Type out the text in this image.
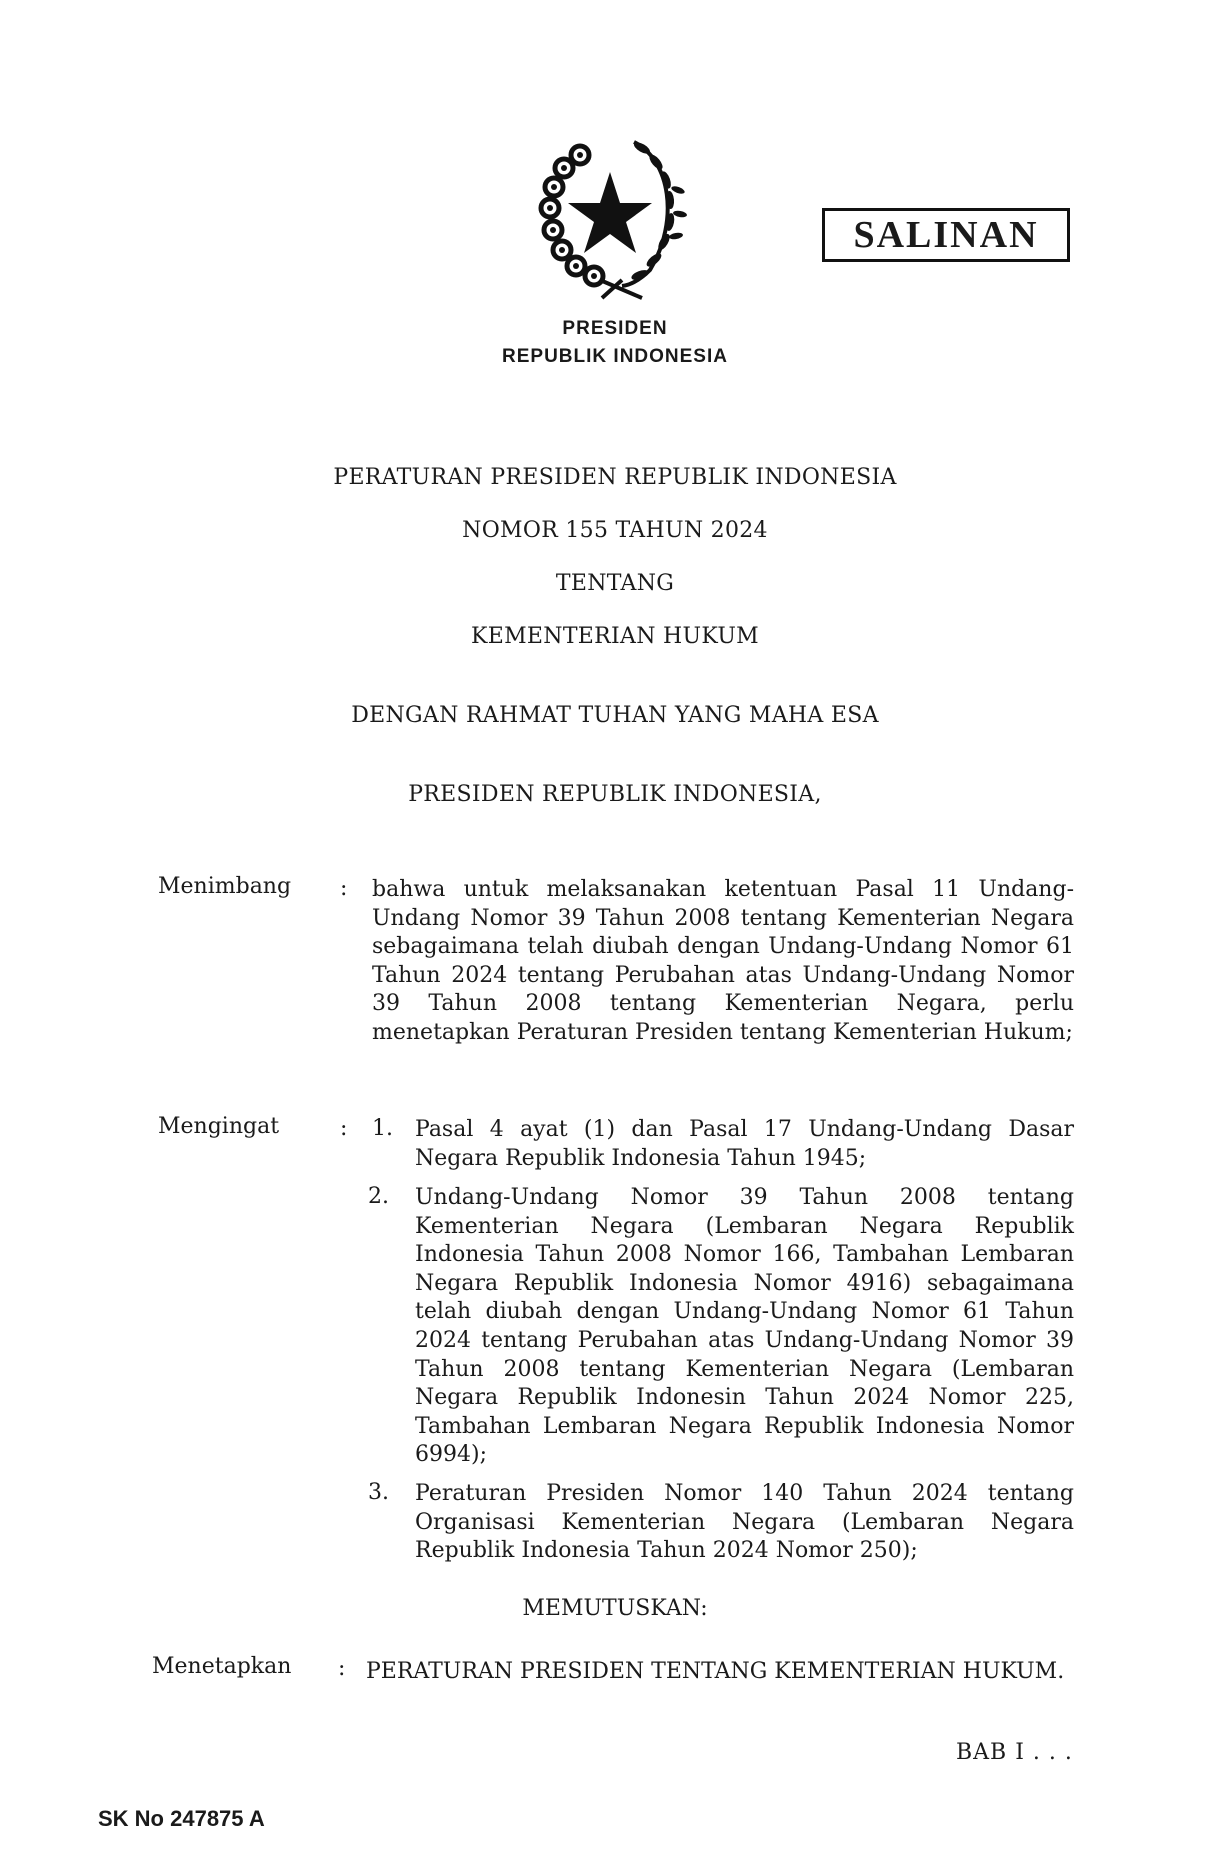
SALINAN
PRESIDEN
REPUBLIK INDONESIA
PERATURAN PRESIDEN REPUBLIK INDONESIA
NOMOR 155 TAHUN 2024
TENTANG
KEMENTERIAN HUKUM
DENGAN RAHMAT TUHAN YANG MAHA ESA
PRESIDEN REPUBLIK INDONESIA,
Menimbang : bahwa untuk melaksanakan ketentuan Pasal 11 Undang-Undang Nomor 39 Tahun 2008 tentang Kementerian Negara sebagaimana telah diubah dengan Undang-Undang Nomor 61 Tahun 2024 tentang Perubahan atas Undang-Undang Nomor 39 Tahun 2008 tentang Kementerian Negara, perlu menetapkan Peraturan Presiden tentang Kementerian Hukum;
Mengingat	: 1. Pasal 4 ayat (1) dan Pasal 17 Undang-Undang Dasar Negara Republik Indonesia Tahun 1945;
2. Undang-Undang Nomor 39 Tahun 2008 tentang Kementerian Negara (Lembaran Negara Republik Indonesia Tahun 2008 Nomor 166, Tambahan Lembaran Negara Republik Indonesia Nomor 4916) sebagaimana telah diubah dengan Undang-Undang Nomor 61 Tahun 2024 tentang Perubahan atas Undang-Undang Nomor 39 Tahun 2008 tentang Kementerian Negara (Lembaran Negara Republik Indonesin Tahun 2024 Nomor 225, Tambahan Lembaran Negara Republik Indonesia Nomor 6994);
3. Peraturan Presiden Nomor 140 Tahun 2024 tentang Organisasi Kementerian Negara (Lembaran Negara Republik Indonesia Tahun 2024 Nomor 250);
MEMUTUSKAN:
Menetapkan : PERATURAN PRESIDEN TENTANG KEMENTERIAN HUKUM.
BAB I . . .
SK No 247875 A
